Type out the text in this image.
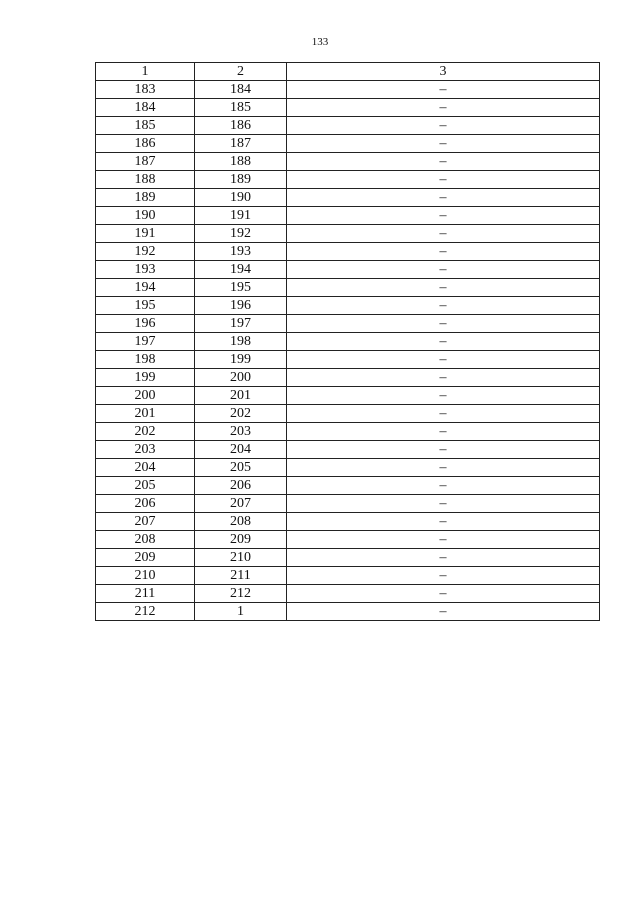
133
1	2	3
183	184	–
184	185	–
185	186	–
186	187	–
187	188	–
188	189	–
189	190	–
190	191	–
191	192	–
192	193	–
193	194	–
194	195	–
195	196	–
196	197	–
197	198	–
198	199	–
199	200	–
200	201	–
201	202	–
202	203	–
203	204	–
204	205	–
205	206	–
206	207	–
207	208	–
208	209	–
209	210	–
210	211	–
211	212	–
212	1	–
